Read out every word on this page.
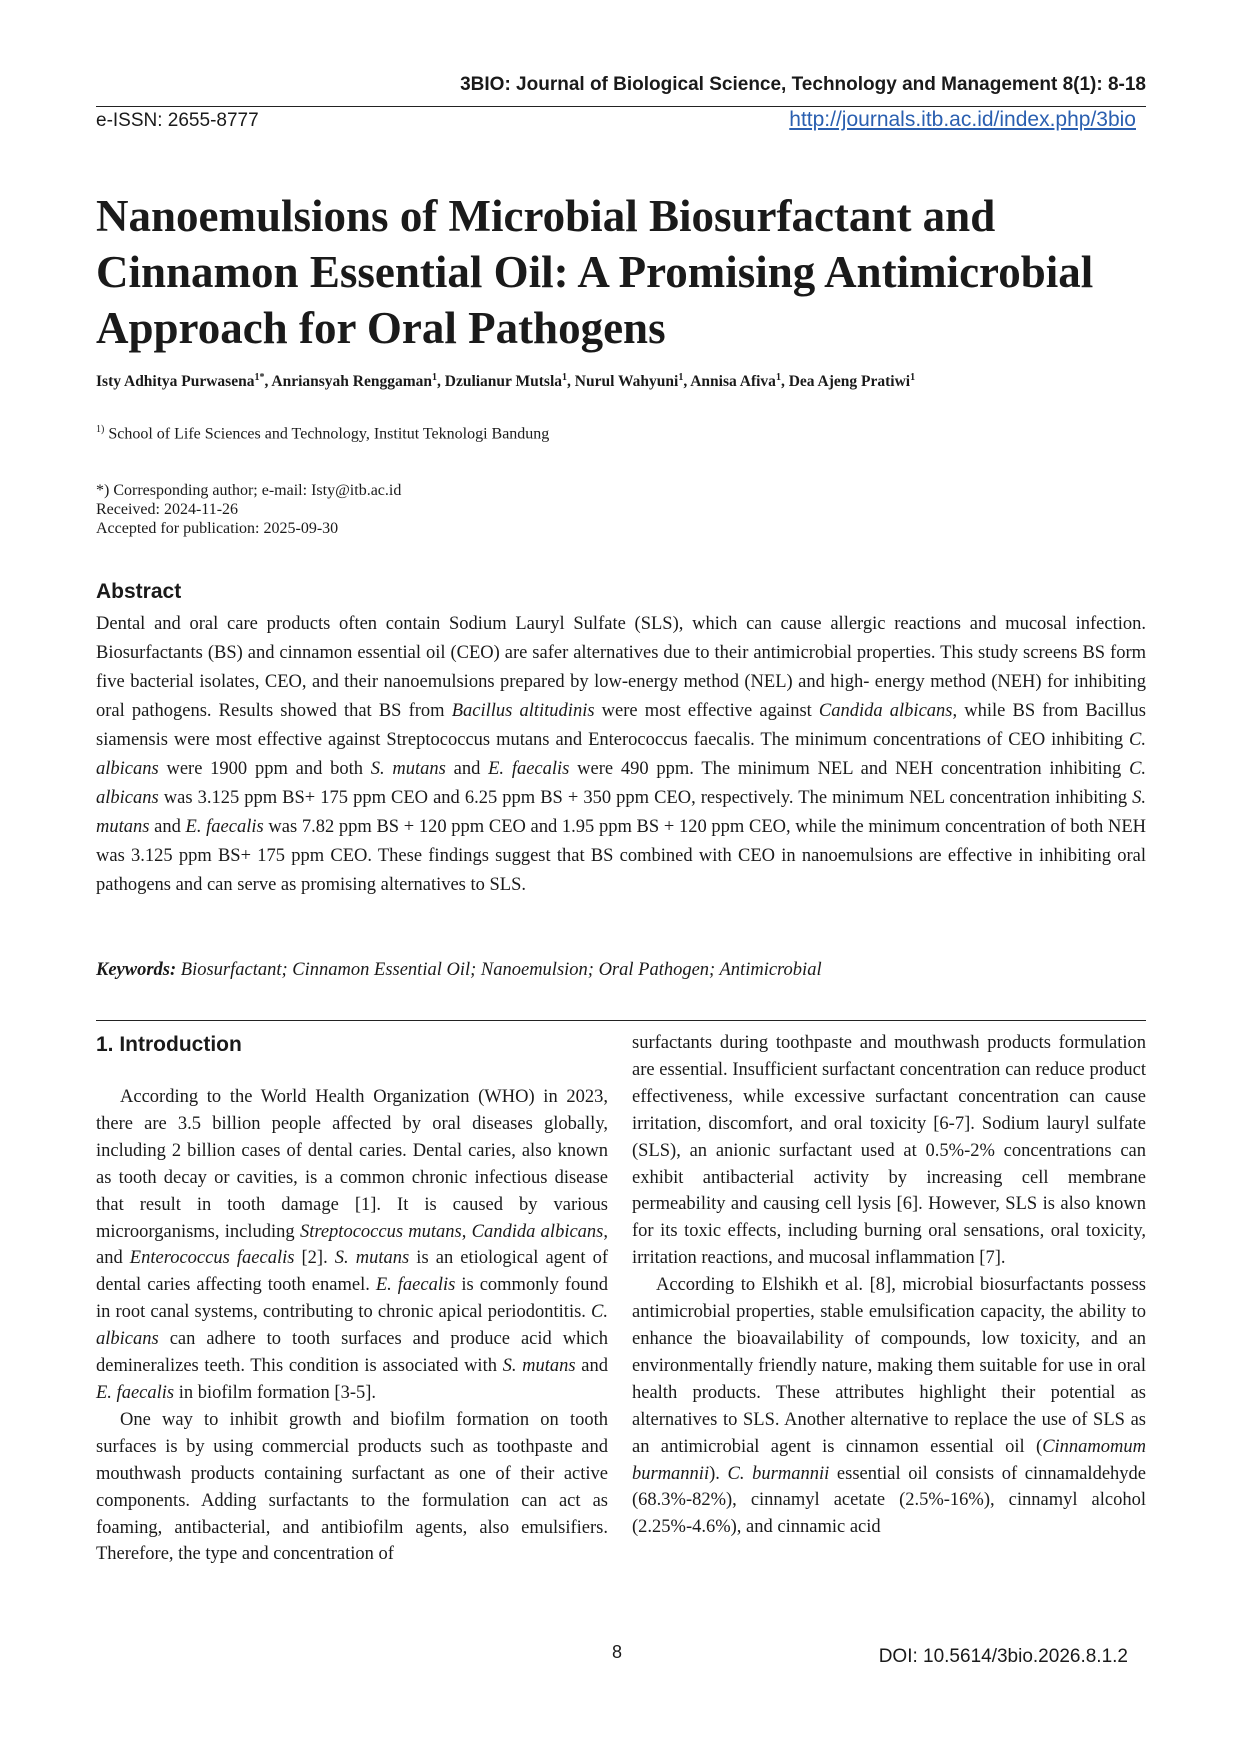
3BIO: Journal of Biological Science, Technology and Management 8(1): 8-18
e-ISSN: 2655-8777	http://journals.itb.ac.id/index.php/3bio
Nanoemulsions of Microbial Biosurfactant and Cinnamon Essential Oil: A Promising Antimicrobial Approach for Oral Pathogens
Isty Adhitya Purwasena$^{1*}$, Anriansyah Renggaman$^1$, Dzulianur Mutsla$^1$, Nurul Wahyuni$^1$, Annisa Afiva$^1$, Dea Ajeng Pratiwi$^1$
$^{1)}$ School of Life Sciences and Technology, Institut Teknologi Bandung
*) Corresponding author; e-mail: Isty@itb.ac.id
Received: 2024-11-26
Accepted for publication: 2025-09-30
Abstract

Dental and oral care products often contain Sodium Lauryl Sulfate (SLS), which can cause allergic reactions and mucosal infection. Biosurfactants (BS) and cinnamon essential oil (CEO) are safer alternatives due to their antimicrobial properties. This study screens BS form five bacterial isolates, CEO, and their nanoemulsions prepared by low-energy method (NEL) and high- energy method (NEH) for inhibiting oral pathogens. Results showed that BS from Bacillus altitudinis were most effective against Candida albicans, while BS from Bacillus siamensis were most effective against Streptococcus mutans and Enterococcus faecalis. The minimum concentrations of CEO inhibiting C. albicans were 1900 ppm and both S. mutans and E. faecalis were 490 ppm. The minimum NEL and NEH concentration inhibiting C. albicans was 3.125 ppm BS+ 175 ppm CEO and 6.25 ppm BS + 350 ppm CEO, respectively. The minimum NEL concentration inhibiting S. mutans and E. faecalis was 7.82 ppm BS + 120 ppm CEO and 1.95 ppm BS + 120 ppm CEO, while the minimum concentration of both NEH was 3.125 ppm BS+ 175 ppm CEO. These findings suggest that BS combined with CEO in nanoemulsions are effective in inhibiting oral pathogens and can serve as promising alternatives to SLS.

Keywords: Biosurfactant; Cinnamon Essential Oil; Nanoemulsion; Oral Pathogen; Antimicrobial
1. Introduction

According to the World Health Organization (WHO) in 2023, there are 3.5 billion people affected by oral diseases globally, including 2 billion cases of dental caries. Dental caries, also known as tooth decay or cavities, is a common chronic infectious disease that result in tooth damage [1]. It is caused by various microorganisms, including Streptococcus mutans, Candida albicans, and Enterococcus faecalis [2]. S. mutans is an etiological agent of dental caries affecting tooth enamel. E. faecalis is commonly found in root canal systems, contributing to chronic apical periodontitis. C. albicans can adhere to tooth surfaces and produce acid which demineralizes teeth. This condition is associated with S. mutans and E. faecalis in biofilm formation [3-5].

One way to inhibit growth and biofilm formation on tooth surfaces is by using commercial products such as toothpaste and mouthwash products containing surfactant as one of their active components. Adding surfactants to the formulation can act as foaming, antibacterial, and antibiofilm agents, also emulsifiers. Therefore, the type and concentration of

surfactants during toothpaste and mouthwash products formulation are essential. Insufficient surfactant concentration can reduce product effectiveness, while excessive surfactant concentration can cause irritation, discomfort, and oral toxicity [6-7]. Sodium lauryl sulfate (SLS), an anionic surfactant used at 0.5%-2% concentrations can exhibit antibacterial activity by increasing cell membrane permeability and causing cell lysis [6]. However, SLS is also known for its toxic effects, including burning oral sensations, oral toxicity, irritation reactions, and mucosal inflammation [7].

According to Elshikh et al. [8], microbial biosurfactants possess antimicrobial properties, stable emulsification capacity, the ability to enhance the bioavailability of compounds, low toxicity, and an environmentally friendly nature, making them suitable for use in oral health products. These attributes highlight their potential as alternatives to SLS. Another alternative to replace the use of SLS as an antimicrobial agent is cinnamon essential oil (Cinnamomum burmannii). C. burmannii essential oil consists of cinnamaldehyde (68.3%-82%), cinnamyl acetate (2.5%-16%), cinnamyl alcohol (2.25%-4.6%), and cinnamic acid

8	DOI: 10.5614/3bio.2026.8.1.2
